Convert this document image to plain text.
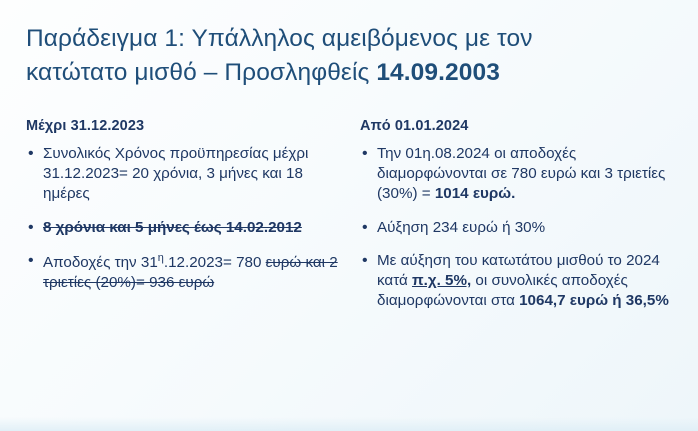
Παράδειγμα 1: Υπάλληλος αμειβόμενος με τον
κατώτατο μισθό – Προσληφθείς 14.09.2003

Μέχρι 31.12.2023

• Συνολικός Χρόνος προϋπηρεσίας μέχρι 31.12.2023= 20 χρόνια, 3 μήνες και 18 ημέρες
• 8 χρόνια και 5 μήνες έως 14.02.2012
• Αποδοχές την $31^\eta.12.2023= 780$ ευρώ και 2 τριετίες (20%)= 936 ευρώ

Από 01.01.2024

• Την 01η.08.2024 οι αποδοχές διαμορφώνονται σε 780 ευρώ και 3 τριετίες (30%) = 1014 ευρώ.
• Αύξηση 234 ευρώ ή 30%
• Με αύξηση του κατωτάτου μισθού το 2024 κατά π.χ. 5%, οι συνολικές αποδοχές διαμορφώνονται στα 1064,7 ευρώ ή 36,5%
